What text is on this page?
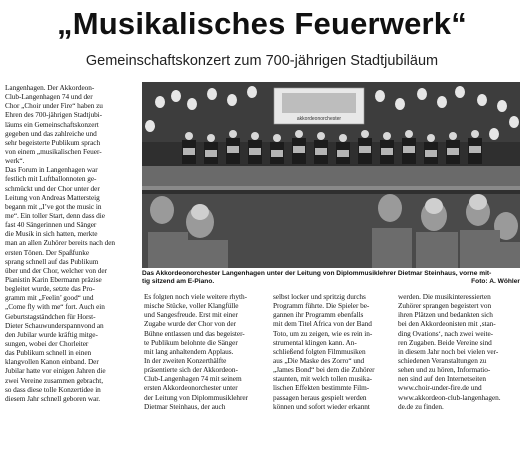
„Musikalisches Feuerwerk“

Gemeinschaftskonzert zum 700-jährigen Stadtjubiläum

Langenhagen. Der Akkordeon-
Club-Langenhagen 74 und der
Chor „Choir under Fire“ haben zu
Ehren des 700-jährigen Stadtjubi-
läums ein Gemeinschaftskonzert
gegeben und das zahlreiche und
sehr begeisterte Publikum sprach
von einem „musikalischen Feuer-
werk“.
Das Forum in Langenhagen war
festlich mit Luftballonnoten ge-
schmückt und der Chor unter der
Leitung von Andreas Mattersteig
begann mit „I’ve got the music in
me“. Ein toller Start, denn dass die
fast 40 Sängerinnen und Sänger
die Musik in sich hatten, merkte
man an allen Zuhörer bereits nach den
ersten Tönen. Der Spaßfunke
sprang schnell auf das Publikum
über und der Chor, welcher von der
Pianistin Karin Ebermann präzise
begleitet wurde, setzte das Pro-
gramm mit „Feelin’ good“ und
„Come fly with me“ fort. Auch ein
Geburtstagständchen für Horst-
Dieter Schauwunderspannvond an
den Jubilar wurde kräftig mitge-
sungen, wobei der Chorleiter
das Publikum schnell in einen
klangvollen Kanon einband. Der
Jubilar hatte vor einigen Jahren die
zwei Vereine zusammen gebracht,
so dass diese tolle Konzertidee in
diesem Jahr schnell geboren war.
akkordeonorchester
Das Akkordeonorchester Langenhagen unter der Leitung von Diplommusiklehrer Dietmar Steinhaus, vorne mit-
tig sitzend am E-Piano.	Foto: A. Wöhler
Es folgten noch viele weitere rhyth-
mische Stücke, voller Klangfülle
und Sangesfreude. Erst mit einer
Zugabe wurde der Chor von der
Bühne entlassen und das begeister-
te Publikum belohnte die Sänger
mit lang anhaltendem Applaus.
In der zweiten Konzerthälfte
präsentierte sich der Akkordeon-
Club-Langenhagen 74 mit seinem
ersten Akkordeonorchester unter
der Leitung von Diplommusiklehrer
Dietmar Steinhaus, der auch
selbst locker und spritzig durchs
Programm führte. Die Spieler be-
gannen ihr Programm ebenfalls
mit dem Titel Africa von der Band
Toto, um zu zeigen, wie es rein in-
strumental klingen kann. An-
schließend folgten Filmmusiken
aus „Die Maske des Zorro“ und
„James Bond“ bei dem die Zuhörer
staunten, mit welch tollen musika-
lischen Effekten bestimmte Film-
passagen heraus gespielt werden
können und sofort wieder erkannt
werden. Die musikinteressierten
Zuhörer sprangen begeistert von
ihren Plätzen und bedankten sich
bei den Akkordeonisten mit ‚stan-
ding Ovations‘, nach zwei weite-
ren Zugaben. Beide Vereine sind
in diesem Jahr noch bei vielen ver-
schiedenen Veranstaltungen zu
sehen und zu hören, Informatio-
nen sind auf den Internetseiten
www.choir-under-fire.de und
www.akkordeon-club-langenhagen.
de.de zu finden.
